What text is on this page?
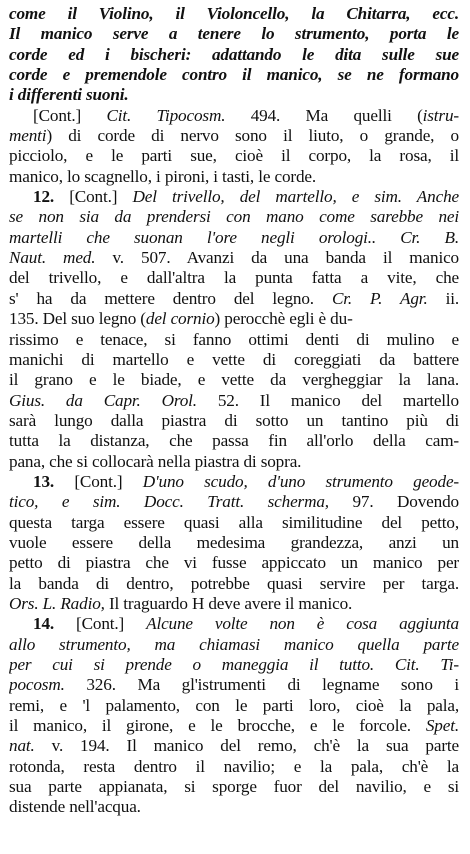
come il Violino, il Violoncello, la Chitarra, ecc.
Il manico serve a tenere lo strumento, porta le
corde ed i bischeri: adattando le dita sulle sue
corde e premendole contro il manico, se ne formano
i differenti suoni.
[Cont.] Cit. Tipocosm. 494. Ma quelli (istru-
menti) di corde di nervo sono il liuto, o grande, o
picciolo, e le parti sue, cioè il corpo, la rosa, il
manico, lo scagnello, i pironi, i tasti, le corde.
12. [Cont.] Del trivello, del martello, e sim. Anche
se non sia da prendersi con mano come sarebbe nei
martelli che suonan l'ore negli orologi.. Cr. B.
Naut. med. v. 507. Avanzi da una banda il manico
del trivello, e dall'altra la punta fatta a vite, che
s' ha da mettere dentro del legno. Cr. P. Agr. ii.
135. Del suo legno (del cornio) perocchè egli è du-
rissimo e tenace, si fanno ottimi denti di mulino e
manichi di martello e vette di coreggiati da battere
il grano e le biade, e vette da vergheggiar la lana.
Gius. da Capr. Orol. 52. Il manico del martello
sarà lungo dalla piastra di sotto un tantino più di
tutta la distanza, che passa fin all'orlo della cam-
pana, che si collocarà nella piastra di sopra.
13. [Cont.] D'uno scudo, d'uno strumento geode-
tico, e sim. Docc. Tratt. scherma, 97. Dovendo
questa targa essere quasi alla similitudine del petto,
vuole essere della medesima grandezza, anzi un
petto di piastra che vi fusse appiccato un manico per
la banda di dentro, potrebbe quasi servire per targa.
Ors. L. Radio, Il traguardo H deve avere il manico.
14. [Cont.] Alcune volte non è cosa aggiunta
allo strumento, ma chiamasi manico quella parte
per cui si prende o maneggia il tutto. Cit. Ti-
pocosm. 326. Ma gl'istrumenti di legname sono i
remi, e 'l palamento, con le parti loro, cioè la pala,
il manico, il girone, e le brocche, e le forcole. Spet.
nat. v. 194. Il manico del remo, ch'è la sua parte
rotonda, resta dentro il navilio; e la pala, ch'è la
sua parte appianata, si sporge fuor del navilio, e si
distende nell'acqua.
